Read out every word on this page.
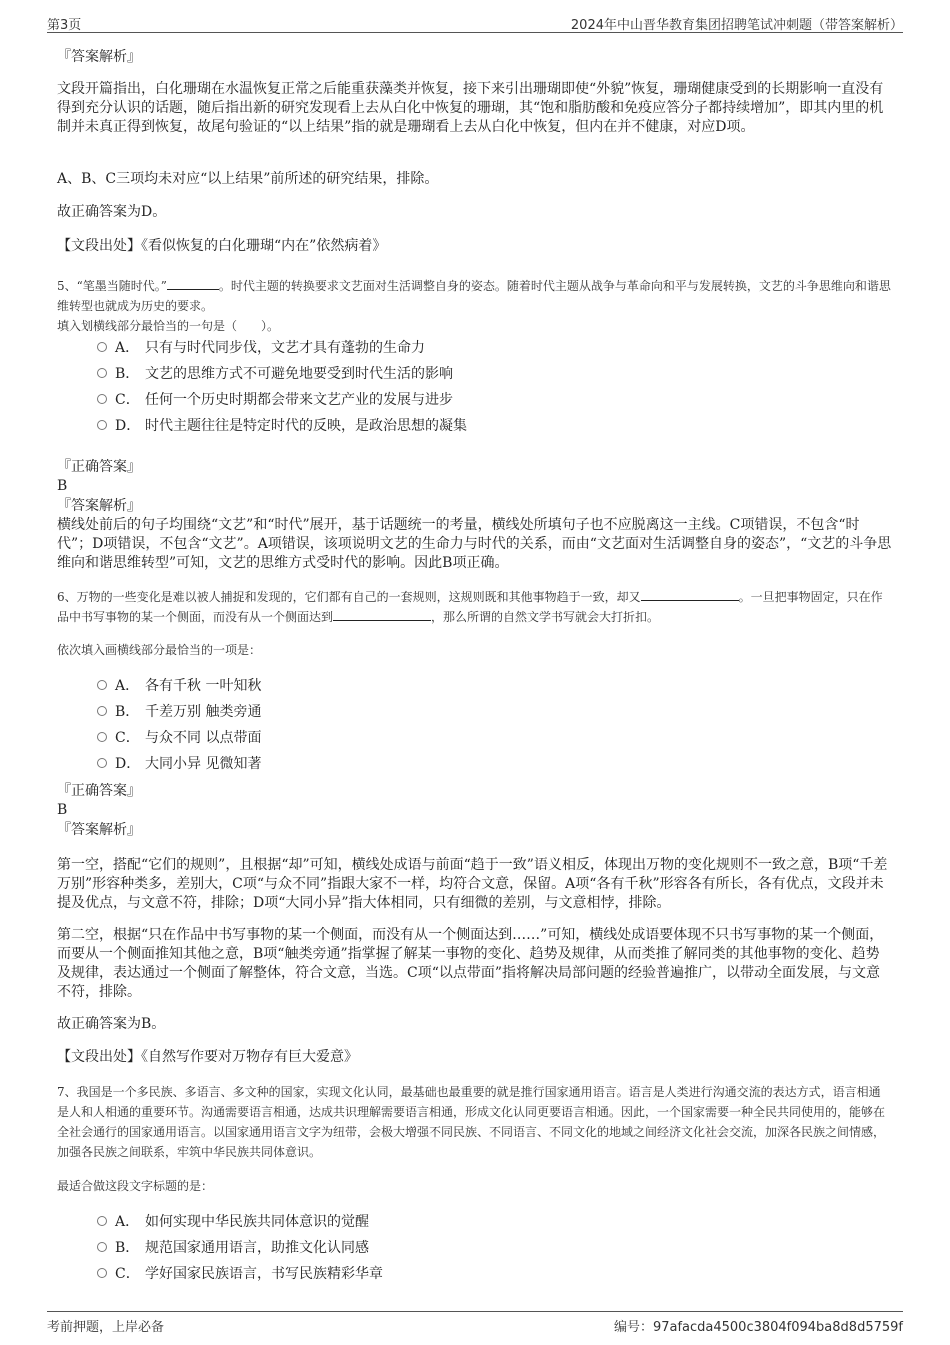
第3页	2024年中山晋华教育集团招聘笔试冲刺题（带答案解析）
『答案解析』
文段开篇指出，白化珊瑚在水温恢复正常之后能重获藻类并恢复，接下来引出珊瑚即使“外貌”恢复，珊瑚健康受到的长期影响一直没有得到充分认识的话题，随后指出新的研究发现看上去从白化中恢复的珊瑚，其“饱和脂肪酸和免疫应答分子都持续增加”，即其内里的机制并未真正得到恢复，故尾句验证的“以上结果”指的就是珊瑚看上去从白化中恢复，但内在并不健康，对应D项。
A、B、C三项均未对应“以上结果”前所述的研究结果，排除。
故正确答案为D。
【文段出处】《看似恢复的白化珊瑚“内在”依然病着》
5、“笔墨当随时代。”	。时代主题的转换要求文艺面对生活调整自身的姿态。随着时代主题从战争与革命向和平与发展转换，文艺的斗争思维向和谐思维转型也就成为历史的要求。
填入划横线部分最恰当的一句是（　　）。
A． 只有与时代同步伐，文艺才具有蓬勃的生命力
B． 文艺的思维方式不可避免地要受到时代生活的影响
C． 任何一个历史时期都会带来文艺产业的发展与进步
D． 时代主题往往是特定时代的反映，是政治思想的凝集
『正确答案』
B
『答案解析』
横线处前后的句子均围绕“文艺”和“时代”展开，基于话题统一的考量，横线处所填句子也不应脱离这一主线。C项错误，不包含“时代”；D项错误，不包含“文艺”。A项错误，该项说明文艺的生命力与时代的关系，而由“文艺面对生活调整自身的姿态”，“文艺的斗争思维向和谐思维转型”可知，文艺的思维方式受时代的影响。因此B项正确。
6、万物的一些变化是难以被人捕捉和发现的，它们都有自己的一套规则，这规则既和其他事物趋于一致，却又	。一旦把事物固定，只在作品中书写事物的某一个侧面，而没有从一个侧面达到	，那么所谓的自然文学书写就会大打折扣。
依次填入画横线部分最恰当的一项是：
A． 各有千秋 一叶知秋
B． 千差万别 触类旁通
C． 与众不同 以点带面
D． 大同小异 见微知著
『正确答案』
B
『答案解析』
第一空，搭配“它们的规则”，且根据“却”可知，横线处成语与前面“趋于一致”语义相反，体现出万物的变化规则不一致之意，B项“千差万别”形容种类多，差别大，C项“与众不同”指跟大家不一样，均符合文意，保留。A项“各有千秋”形容各有所长，各有优点，文段并未提及优点，与文意不符，排除；D项“大同小异”指大体相同，只有细微的差别，与文意相悖，排除。
第二空，根据“只在作品中书写事物的某一个侧面，而没有从一个侧面达到……”可知，横线处成语要体现不只书写事物的某一个侧面，而要从一个侧面推知其他之意，B项“触类旁通”指掌握了解某一事物的变化、趋势及规律，从而类推了解同类的其他事物的变化、趋势及规律，表达通过一个侧面了解整体，符合文意，当选。C项“以点带面”指将解决局部问题的经验普遍推广，以带动全面发展，与文意不符，排除。
故正确答案为B。
【文段出处】《自然写作要对万物存有巨大爱意》
7、我国是一个多民族、多语言、多文种的国家，实现文化认同，最基础也最重要的就是推行国家通用语言。语言是人类进行沟通交流的表达方式，语言相通是人和人相通的重要环节。沟通需要语言相通，达成共识理解需要语言相通，形成文化认同更要语言相通。因此，一个国家需要一种全民共同使用的，能够在全社会通行的国家通用语言。以国家通用语言文字为纽带，会极大增强不同民族、不同语言、不同文化的地域之间经济文化社会交流，加深各民族之间情感，加强各民族之间联系，牢筑中华民族共同体意识。
最适合做这段文字标题的是：
A． 如何实现中华民族共同体意识的觉醒
B． 规范国家通用语言，助推文化认同感
C． 学好国家民族语言，书写民族精彩华章
考前押题，上岸必备	编号：97afacda4500c3804f094ba8d8d5759f
